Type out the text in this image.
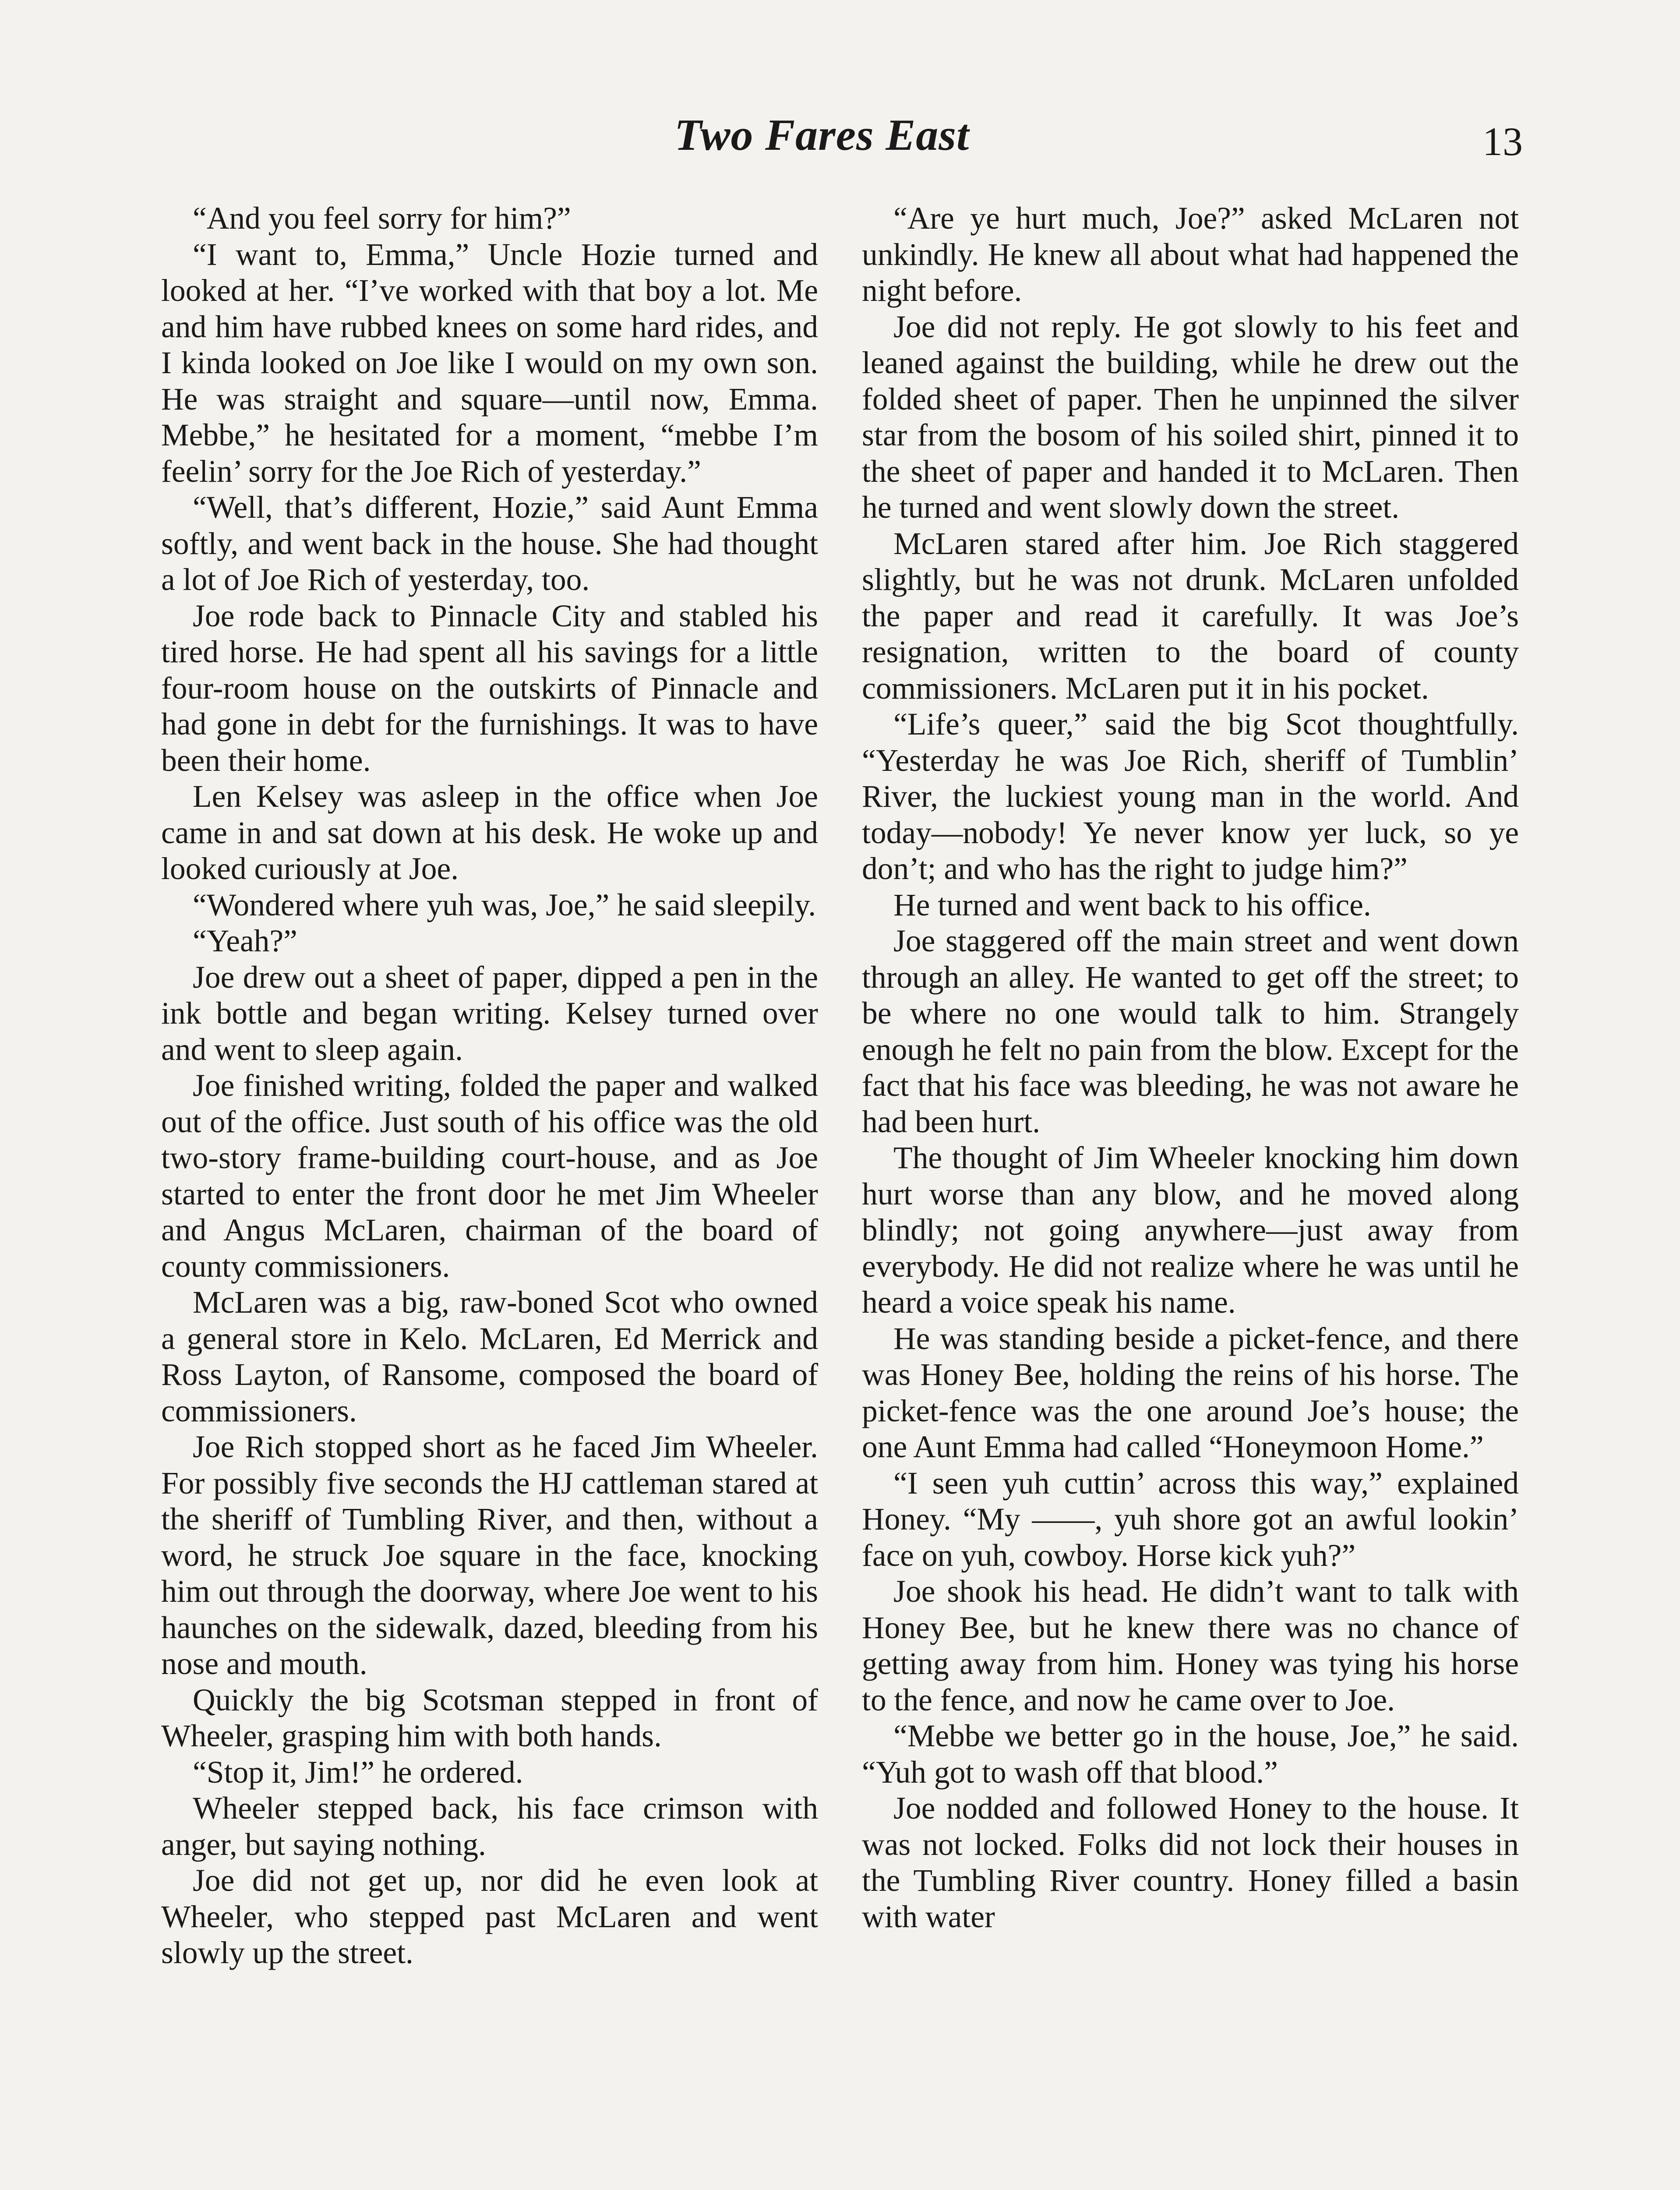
Two Fares East	13

“And you feel sorry for him?”

“I want to, Emma,” Uncle Hozie turned and looked at her. “I’ve worked with that boy a lot. Me and him have rubbed knees on some hard rides, and I kinda looked on Joe like I would on my own son. He was straight and square—until now, Emma. Mebbe,” he hesitated for a moment, “mebbe I’m feelin’ sorry for the Joe Rich of yesterday.”

“Well, that’s different, Hozie,” said Aunt Emma softly, and went back in the house. She had thought a lot of Joe Rich of yesterday, too.

Joe rode back to Pinnacle City and stabled his tired horse. He had spent all his savings for a little four-room house on the outskirts of Pinnacle and had gone in debt for the furnishings. It was to have been their home.

Len Kelsey was asleep in the office when Joe came in and sat down at his desk. He woke up and looked curiously at Joe.

“Wondered where yuh was, Joe,” he said sleepily.

“Yeah?”

Joe drew out a sheet of paper, dipped a pen in the ink bottle and began writing. Kelsey turned over and went to sleep again.

Joe finished writing, folded the paper and walked out of the office. Just south of his office was the old two-story frame-building court-house, and as Joe started to enter the front door he met Jim Wheeler and Angus McLaren, chairman of the board of county commissioners.

McLaren was a big, raw-boned Scot who owned a general store in Kelo. McLaren, Ed Merrick and Ross Layton, of Ransome, composed the board of commissioners.

Joe Rich stopped short as he faced Jim Wheeler. For possibly five seconds the HJ cattleman stared at the sheriff of Tumbling River, and then, without a word, he struck Joe square in the face, knocking him out through the doorway, where Joe went to his haunches on the sidewalk, dazed, bleeding from his nose and mouth.

Quickly the big Scotsman stepped in front of Wheeler, grasping him with both hands.

“Stop it, Jim!” he ordered.

Wheeler stepped back, his face crimson with anger, but saying nothing.

Joe did not get up, nor did he even look at Wheeler, who stepped past McLaren and went slowly up the street.

“Are ye hurt much, Joe?” asked McLaren not unkindly. He knew all about what had happened the night before.

Joe did not reply. He got slowly to his feet and leaned against the building, while he drew out the folded sheet of paper. Then he unpinned the silver star from the bosom of his soiled shirt, pinned it to the sheet of paper and handed it to McLaren. Then he turned and went slowly down the street.

McLaren stared after him. Joe Rich staggered slightly, but he was not drunk. McLaren unfolded the paper and read it carefully. It was Joe’s resignation, written to the board of county commissioners. McLaren put it in his pocket.

“Life’s queer,” said the big Scot thoughtfully. “Yesterday he was Joe Rich, sheriff of Tumblin’ River, the luckiest young man in the world. And today—nobody! Ye never know yer luck, so ye don’t; and who has the right to judge him?”

He turned and went back to his office.

Joe staggered off the main street and went down through an alley. He wanted to get off the street; to be where no one would talk to him. Strangely enough he felt no pain from the blow. Except for the fact that his face was bleeding, he was not aware he had been hurt.

The thought of Jim Wheeler knocking him down hurt worse than any blow, and he moved along blindly; not going anywhere—just away from everybody. He did not realize where he was until he heard a voice speak his name.

He was standing beside a picket-fence, and there was Honey Bee, holding the reins of his horse. The picket-fence was the one around Joe’s house; the one Aunt Emma had called “Honeymoon Home.”

“I seen yuh cuttin’ across this way,” explained Honey. “My ——, yuh shore got an awful lookin’ face on yuh, cowboy. Horse kick yuh?”

Joe shook his head. He didn’t want to talk with Honey Bee, but he knew there was no chance of getting away from him. Honey was tying his horse to the fence, and now he came over to Joe.

“Mebbe we better go in the house, Joe,” he said. “Yuh got to wash off that blood.”

Joe nodded and followed Honey to the house. It was not locked. Folks did not lock their houses in the Tumbling River country. Honey filled a basin with water
